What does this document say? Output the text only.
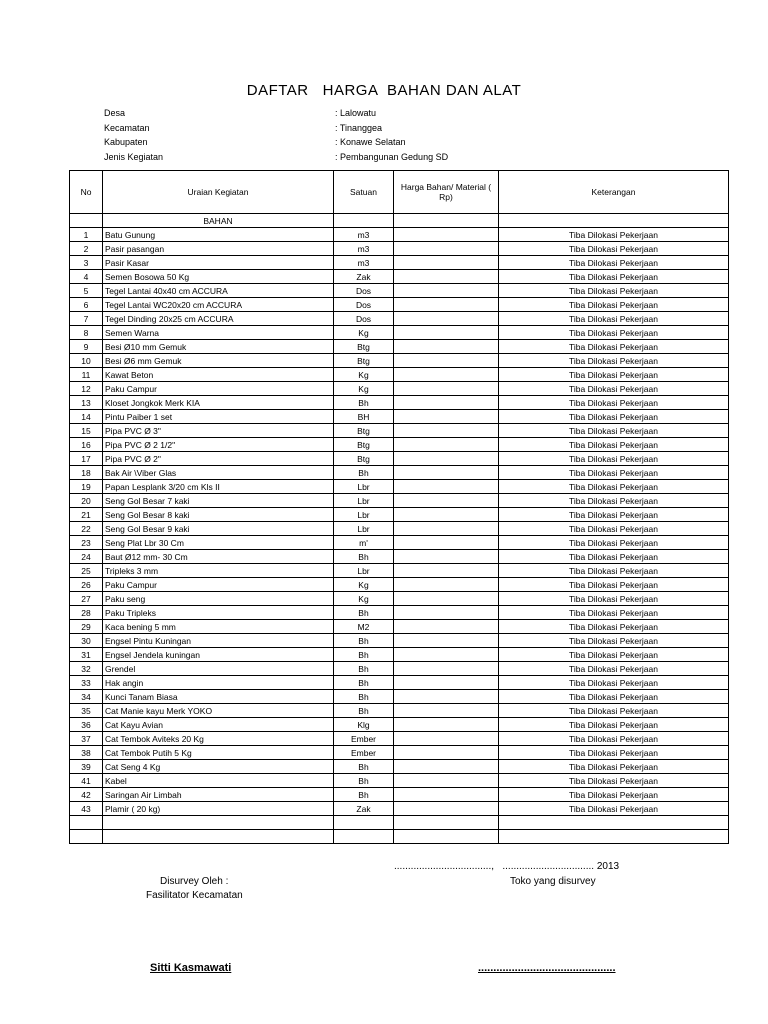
DAFTAR   HARGA  BAHAN DAN ALAT
Desa	: Lalowatu
Kecamatan	: Tinanggea
Kabupaten	: Konawe Selatan
Jenis Kegiatan	: Pembangunan Gedung SD
No	Uraian Kegiatan	Satuan	Harga Bahan/ Material ( Rp)	Keterangan
	BAHAN			
1	Batu Gunung	m3		Tiba Dilokasi Pekerjaan
2	Pasir pasangan	m3		Tiba Dilokasi Pekerjaan
3	Pasir Kasar	m3		Tiba Dilokasi Pekerjaan
4	Semen Bosowa 50 Kg	Zak		Tiba Dilokasi Pekerjaan
5	Tegel Lantai 40x40 cm ACCURA	Dos		Tiba Dilokasi Pekerjaan
6	Tegel Lantai WC20x20 cm ACCURA	Dos		Tiba Dilokasi Pekerjaan
7	Tegel Dinding 20x25 cm ACCURA	Dos		Tiba Dilokasi Pekerjaan
8	Semen Warna	Kg		Tiba Dilokasi Pekerjaan
9	Besi Ø10 mm Gemuk	Btg		Tiba Dilokasi Pekerjaan
10	Besi Ø6 mm Gemuk	Btg		Tiba Dilokasi Pekerjaan
11	Kawat Beton	Kg		Tiba Dilokasi Pekerjaan
12	Paku Campur	Kg		Tiba Dilokasi Pekerjaan
13	Kloset Jongkok Merk KIA	Bh		Tiba Dilokasi Pekerjaan
14	Pintu Paiber 1 set	BH		Tiba Dilokasi Pekerjaan
15	Pipa PVC Ø 3"	Btg		Tiba Dilokasi Pekerjaan
16	Pipa PVC Ø 2 1/2"	Btg		Tiba Dilokasi Pekerjaan
17	Pipa PVC Ø 2"	Btg		Tiba Dilokasi Pekerjaan
18	Bak Air \Viber Glas	Bh		Tiba Dilokasi Pekerjaan
19	Papan Lesplank 3/20 cm Kls II	Lbr		Tiba Dilokasi Pekerjaan
20	Seng Gol Besar 7 kaki	Lbr		Tiba Dilokasi Pekerjaan
21	Seng Gol Besar 8 kaki	Lbr		Tiba Dilokasi Pekerjaan
22	Seng Gol Besar 9 kaki	Lbr		Tiba Dilokasi Pekerjaan
23	Seng Plat Lbr 30 Cm	m'		Tiba Dilokasi Pekerjaan
24	Baut Ø12 mm- 30 Cm	Bh		Tiba Dilokasi Pekerjaan
25	Tripleks 3 mm	Lbr		Tiba Dilokasi Pekerjaan
26	Paku Campur	Kg		Tiba Dilokasi Pekerjaan
27	Paku seng	Kg		Tiba Dilokasi Pekerjaan
28	Paku Tripleks	Bh		Tiba Dilokasi Pekerjaan
29	Kaca bening 5 mm	M2		Tiba Dilokasi Pekerjaan
30	Engsel Pintu Kuningan	Bh		Tiba Dilokasi Pekerjaan
31	Engsel Jendela kuningan	Bh		Tiba Dilokasi Pekerjaan
32	Grendel	Bh		Tiba Dilokasi Pekerjaan
33	Hak angin	Bh		Tiba Dilokasi Pekerjaan
34	Kunci Tanam Biasa	Bh		Tiba Dilokasi Pekerjaan
35	Cat Manie kayu Merk YOKO	Bh		Tiba Dilokasi Pekerjaan
36	Cat Kayu Avian	Klg		Tiba Dilokasi Pekerjaan
37	Cat Tembok Aviteks 20 Kg	Ember		Tiba Dilokasi Pekerjaan
38	Cat Tembok Putih 5 Kg	Ember		Tiba Dilokasi Pekerjaan
39	Cat Seng 4 Kg	Bh		Tiba Dilokasi Pekerjaan
41	Kabel	Bh		Tiba Dilokasi Pekerjaan
42	Saringan Air Limbah	Bh		Tiba Dilokasi Pekerjaan
43	Plamir ( 20 kg)	Zak		Tiba Dilokasi Pekerjaan

...................................,   ................................. 2013
Toko yang disurvey
Disurvey Oleh :
Fasilitator Kecamatan
Sitti Kasmawati	.............................................
